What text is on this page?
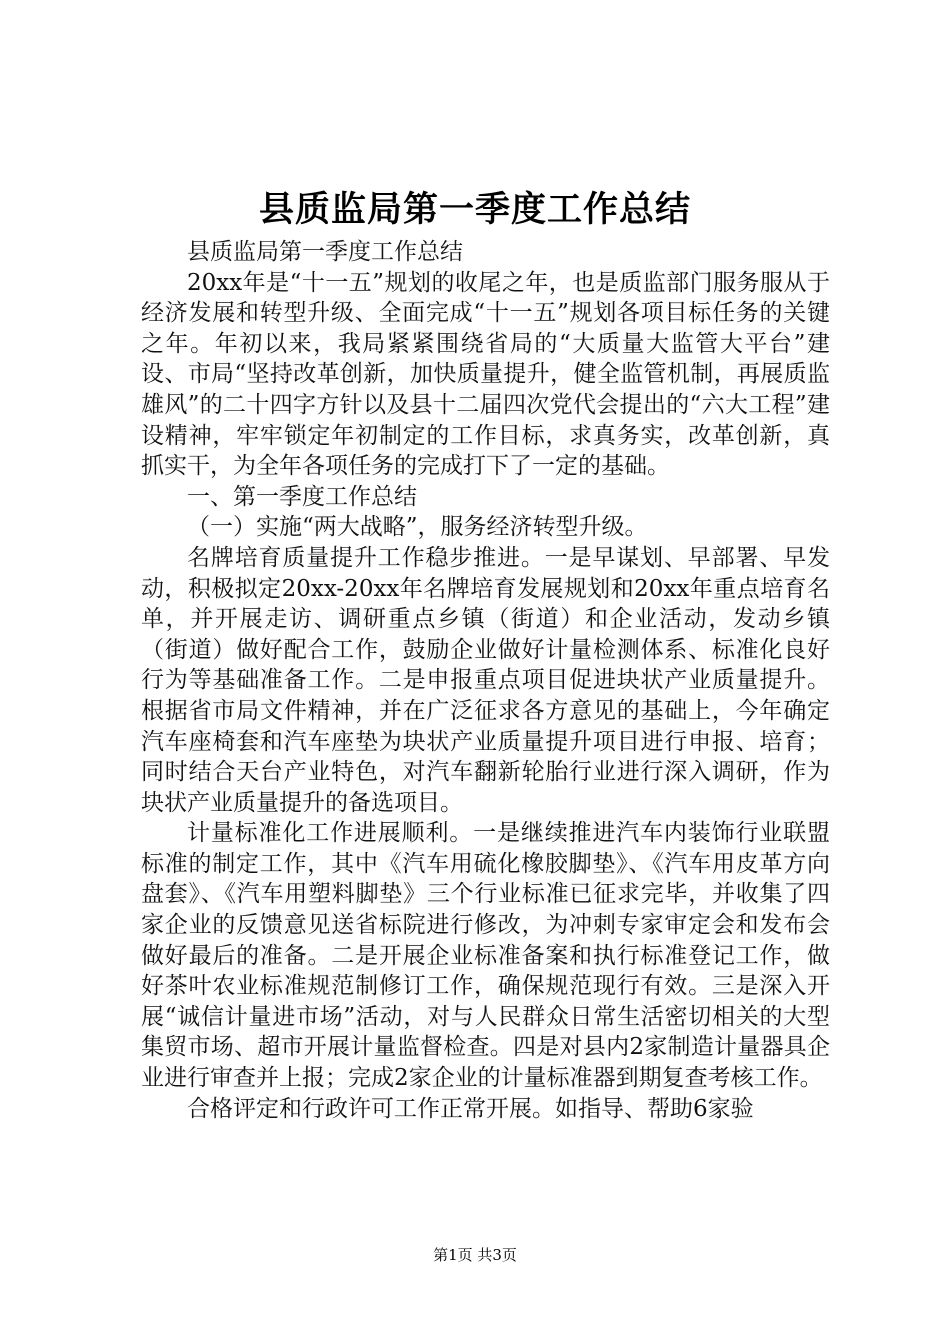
县质监局第一季度工作总结

县质监局第一季度工作总结

20xx年是“十一五”规划的收尾之年，也是质监部门服务服从于经济发展和转型升级、全面完成“十一五”规划各项目标任务的关键之年。年初以来，我局紧紧围绕省局的“大质量大监管大平台”建设、市局“坚持改革创新，加快质量提升，健全监管机制，再展质监雄风”的二十四字方针以及县十二届四次党代会提出的“六大工程”建设精神，牢牢锁定年初制定的工作目标，求真务实，改革创新，真抓实干，为全年各项任务的完成打下了一定的基础。

一、第一季度工作总结

（一）实施“两大战略”，服务经济转型升级。

名牌培育质量提升工作稳步推进。一是早谋划、早部署、早发动，积极拟定20xx-20xx年名牌培育发展规划和20xx年重点培育名单，并开展走访、调研重点乡镇（街道）和企业活动，发动乡镇（街道）做好配合工作，鼓励企业做好计量检测体系、标准化良好行为等基础准备工作。二是申报重点项目促进块状产业质量提升。根据省市局文件精神，并在广泛征求各方意见的基础上，今年确定汽车座椅套和汽车座垫为块状产业质量提升项目进行申报、培育；同时结合天台产业特色，对汽车翻新轮胎行业进行深入调研，作为块状产业质量提升的备选项目。

计量标准化工作进展顺利。一是继续推进汽车内装饰行业联盟标准的制定工作，其中《汽车用硫化橡胶脚垫》、《汽车用皮革方向盘套》、《汽车用塑料脚垫》三个行业标准已征求完毕，并收集了四家企业的反馈意见送省标院进行修改，为冲刺专家审定会和发布会做好最后的准备。二是开展企业标准备案和执行标准登记工作，做好茶叶农业标准规范制修订工作，确保规范现行有效。三是深入开展“诚信计量进市场”活动，对与人民群众日常生活密切相关的大型集贸市场、超市开展计量监督检查。四是对县内2家制造计量器具企业进行审查并上报；完成2家企业的计量标准器到期复查考核工作。

合格评定和行政许可工作正常开展。如指导、帮助6家验

第1页 共3页
